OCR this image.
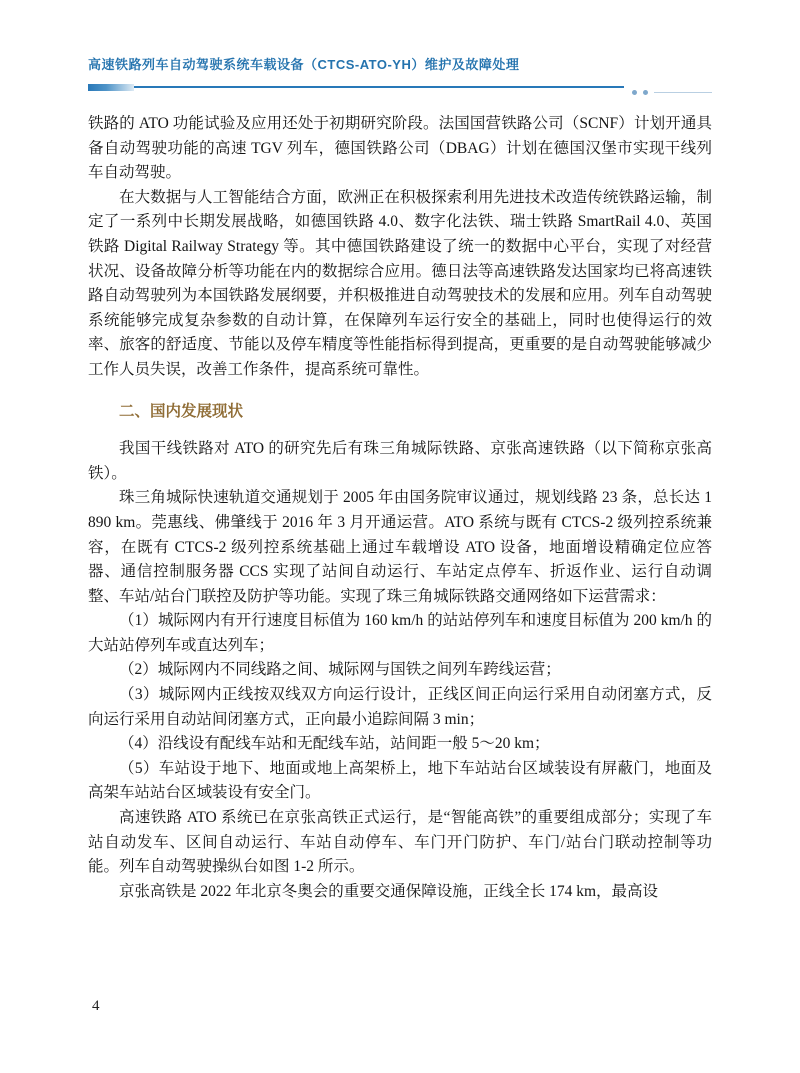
高速铁路列车自动驾驶系统车载设备（CTCS-ATO-YH）维护及故障处理

铁路的 ATO 功能试验及应用还处于初期研究阶段。法国国营铁路公司（SCNF）计划开通具备自动驾驶功能的高速 TGV 列车，德国铁路公司（DBAG）计划在德国汉堡市实现干线列车自动驾驶。

在大数据与人工智能结合方面，欧洲正在积极探索利用先进技术改造传统铁路运输，制定了一系列中长期发展战略，如德国铁路 4.0、数字化法铁、瑞士铁路 SmartRail 4.0、英国铁路 Digital Railway Strategy 等。其中德国铁路建设了统一的数据中心平台，实现了对经营状况、设备故障分析等功能在内的数据综合应用。德日法等高速铁路发达国家均已将高速铁路自动驾驶列为本国铁路发展纲要，并积极推进自动驾驶技术的发展和应用。列车自动驾驶系统能够完成复杂参数的自动计算，在保障列车运行安全的基础上，同时也使得运行的效率、旅客的舒适度、节能以及停车精度等性能指标得到提高，更重要的是自动驾驶能够减少工作人员失误，改善工作条件，提高系统可靠性。

二、国内发展现状

我国干线铁路对 ATO 的研究先后有珠三角城际铁路、京张高速铁路（以下简称京张高铁）。

珠三角城际快速轨道交通规划于 2005 年由国务院审议通过，规划线路 23 条，总长达 1 890 km。莞惠线、佛肇线于 2016 年 3 月开通运营。ATO 系统与既有 CTCS-2 级列控系统兼容，在既有 CTCS-2 级列控系统基础上通过车载增设 ATO 设备，地面增设精确定位应答器、通信控制服务器 CCS 实现了站间自动运行、车站定点停车、折返作业、运行自动调整、车站/站台门联控及防护等功能。实现了珠三角城际铁路交通网络如下运营需求：

（1）城际网内有开行速度目标值为 160 km/h 的站站停列车和速度目标值为 200 km/h 的大站站停列车或直达列车；

（2）城际网内不同线路之间、城际网与国铁之间列车跨线运营；

（3）城际网内正线按双线双方向运行设计，正线区间正向运行采用自动闭塞方式，反向运行采用自动站间闭塞方式，正向最小追踪间隔 3 min；

（4）沿线设有配线车站和无配线车站，站间距一般 5～20 km；

（5）车站设于地下、地面或地上高架桥上，地下车站站台区域装设有屏蔽门，地面及高架车站站台区域装设有安全门。

高速铁路 ATO 系统已在京张高铁正式运行，是“智能高铁”的重要组成部分；实现了车站自动发车、区间自动运行、车站自动停车、车门开门防护、车门/站台门联动控制等功能。列车自动驾驶操纵台如图 1-2 所示。

京张高铁是 2022 年北京冬奥会的重要交通保障设施，正线全长 174 km，最高设

4
